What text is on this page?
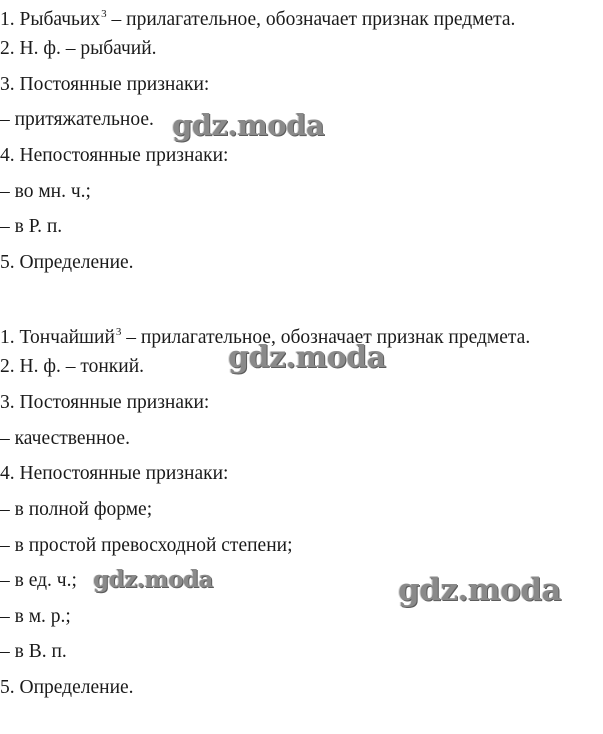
1. Рыбачьих$^3$ – прилагательное, обозначает признак предмета.
2. Н. ф. – рыбачий.
3. Постоянные признаки:
– притяжательное.
4. Непостоянные признаки:
– во мн. ч.;
– в Р. п.
5. Определение.
1. Тончайший$^3$ – прилагательное, обозначает признак предмета.
2. Н. ф. – тонкий.
3. Постоянные признаки:
– качественное.
4. Непостоянные признаки:
– в полной форме;
– в простой превосходной степени;
– в ед. ч.;
– в м. р.;
– в В. п.
5. Определение.
gdz.moda
gdz.moda
gdz.moda	gdz.moda
